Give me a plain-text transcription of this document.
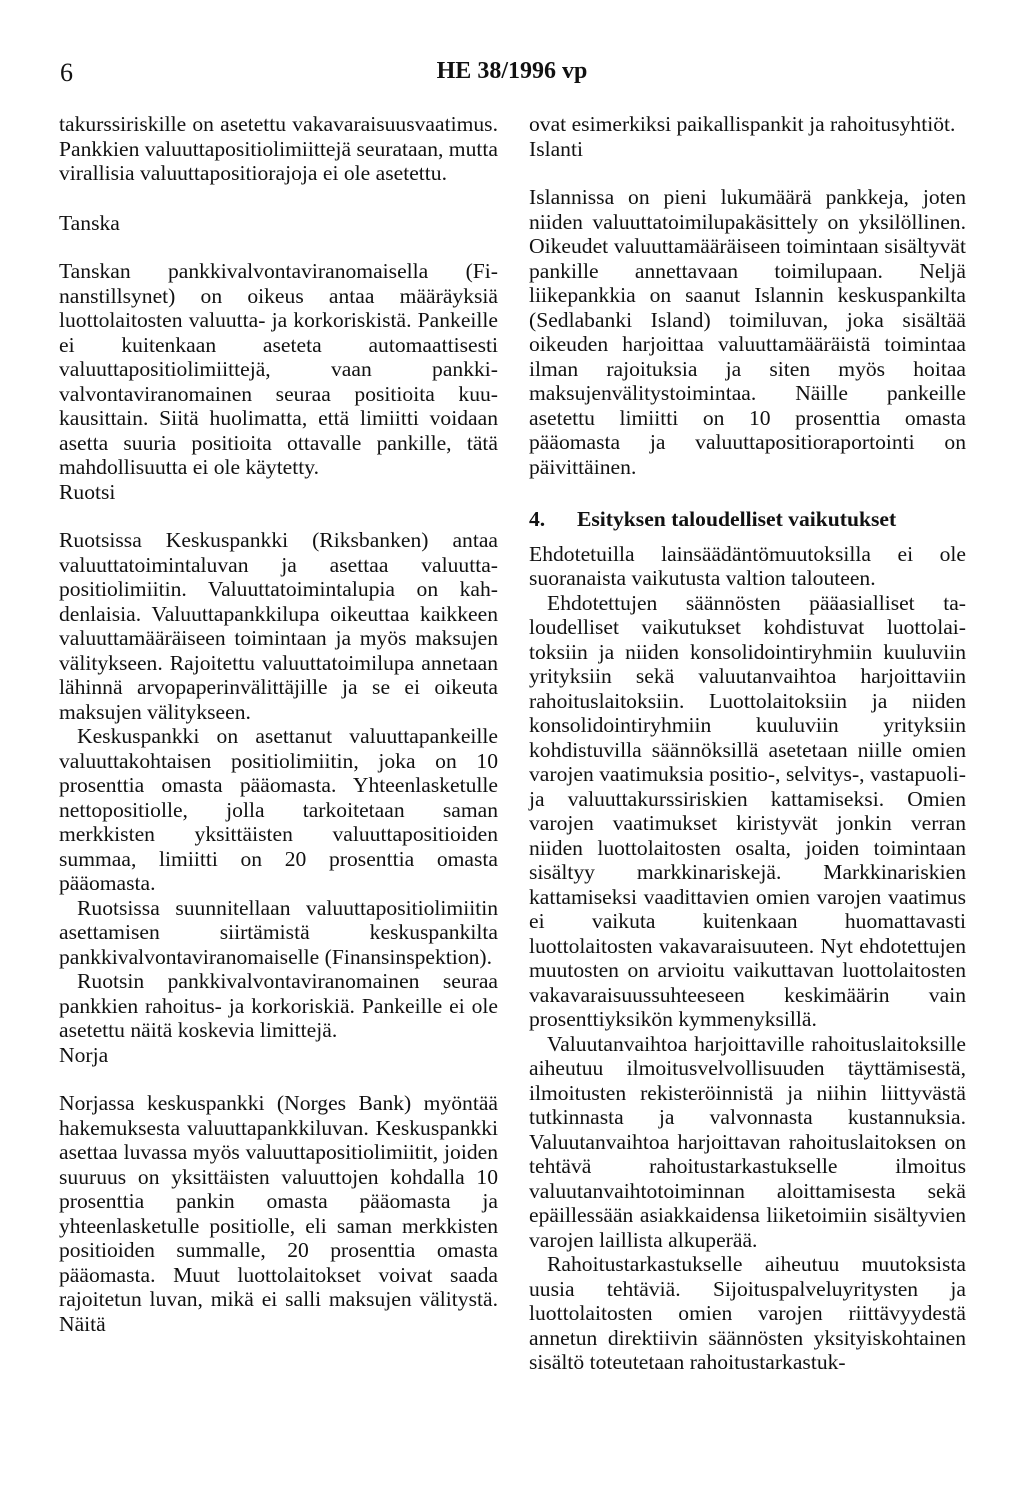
6	HE 38/1996 vp

takurssiriskille on asetettu vakavaraisuusvaatimus. Pankkien valuuttapositiolimiittejä seurataan, mutta virallisia valuuttapositiorajoja ei ole asetettu.

Tanska

Tanskan pankkivalvontaviranomaisella (Finanstillsynet) on oikeus antaa määräyksiä luottolaitosten valuutta- ja korkoriskistä. Pankeille ei kuitenkaan aseteta automaattisesti valuuttapositiolimiittejä, vaan pankkivalvontaviranomainen seuraa positioita kuukausittain. Siitä huolimatta, että limiitti voidaan asetta suuria positioita ottavalle pankille, tätä mahdollisuutta ei ole käytetty.

Ruotsi

Ruotsissa Keskuspankki (Riksbanken) antaa valuuttatoimintaluvan ja asettaa valuuttapositiolimiitin. Valuuttatoimintalupia on kahdenlaisia. Valuuttapankkilupa oikeuttaa kaikkeen valuuttamääräiseen toimintaan ja myös maksujen välitykseen. Rajoitettu valuuttatoimilupa annetaan lähinnä arvopaperinvälittäjille ja se ei oikeuta maksujen välitykseen.

Keskuspankki on asettanut valuuttapankeille valuuttakohtaisen positiolimiitin, joka on 10 prosenttia omasta pääomasta. Yhteenlasketulle nettopositiolle, jolla tarkoitetaan saman merkkisten yksittäisten valuuttapositioiden summaa, limiitti on 20 prosenttia omasta pääomasta.

Ruotsissa suunnitellaan valuuttapositiolimiitin asettamisen siirtämistä keskuspankilta pankkivalvontaviranomaiselle (Finansinspektion).

Ruotsin pankkivalvontaviranomainen seuraa pankkien rahoitus- ja korkoriskiä. Pankeille ei ole asetettu näitä koskevia limittejä.

Norja

Norjassa keskuspankki (Norges Bank) myöntää hakemuksesta valuuttapankkiluvan. Keskuspankki asettaa luvassa myös valuuttapositiolimiitit, joiden suuruus on yksittäisten valuuttojen kohdalla 10 prosenttia pankin omasta pääomasta ja yhteenlasketulle positiolle, eli saman merkkisten positioiden summalle, 20 prosenttia omasta pääomasta. Muut luottolaitokset voivat saada rajoitetun luvan, mikä ei salli maksujen välitystä. Näitä

ovat esimerkiksi paikallispankit ja rahoitusyhtiöt.

Islanti

Islannissa on pieni lukumäärä pankkeja, joten niiden valuuttatoimilupakäsittely on yksilöllinen. Oikeudet valuuttamääräiseen toimintaan sisältyvät pankille annettavaan toimilupaan. Neljä liikepankkia on saanut Islannin keskuspankilta (Sedlabanki Island) toimiluvan, joka sisältää oikeuden harjoittaa valuuttamääräistä toimintaa ilman rajoituksia ja siten myös hoitaa maksujenvälitystoimintaa. Näille pankeille asetettu limiitti on 10 prosenttia omasta pääomasta ja valuuttapositioraportointi on päivittäinen.

4.	Esityksen taloudelliset vaikutukset

Ehdotetuilla lainsäädäntömuutoksilla ei ole suoranaista vaikutusta valtion talouteen.

Ehdotettujen säännösten pääasialliset taloudelliset vaikutukset kohdistuvat luottolaitoksiin ja niiden konsolidointiryhmiin kuuluviin yrityksiin sekä valuutanvaihtoa harjoittaviin rahoituslaitoksiin. Luottolaitoksiin ja niiden konsolidointiryhmiin kuuluviin yrityksiin kohdistuvilla säännöksillä asetetaan niille omien varojen vaatimuksia positio-, selvitys-, vastapuoli- ja valuuttakurssiriskien kattamiseksi. Omien varojen vaatimukset kiristyvät jonkin verran niiden luottolaitosten osalta, joiden toimintaan sisältyy markkinariskejä. Markkinariskien kattamiseksi vaadittavien omien varojen vaatimus ei vaikuta kuitenkaan huomattavasti luottolaitosten vakavaraisuuteen. Nyt ehdotettujen muutosten on arvioitu vaikuttavan luottolaitosten vakavaraisuussuhteeseen keskimäärin vain prosenttiyksikön kymmenyksillä.

Valuutanvaihtoa harjoittaville rahoituslaitoksille aiheutuu ilmoitusvelvollisuuden täyttämisestä, ilmoitusten rekisteröinnistä ja niihin liittyvästä tutkinnasta ja valvonnasta kustannuksia. Valuutanvaihtoa harjoittavan rahoituslaitoksen on tehtävä rahoitustarkastukselle ilmoitus valuutanvaihtotoiminnan aloittamisesta sekä epäillessään asiakkaidensa liiketoimiin sisältyvien varojen laillista alkuperää.

Rahoitustarkastukselle aiheutuu muutoksista uusia tehtäviä. Sijoituspalveluyritysten ja luottolaitosten omien varojen riittävyydestä annetun direktiivin säännösten yksityiskohtainen sisältö toteutetaan rahoitustarkastuk-
